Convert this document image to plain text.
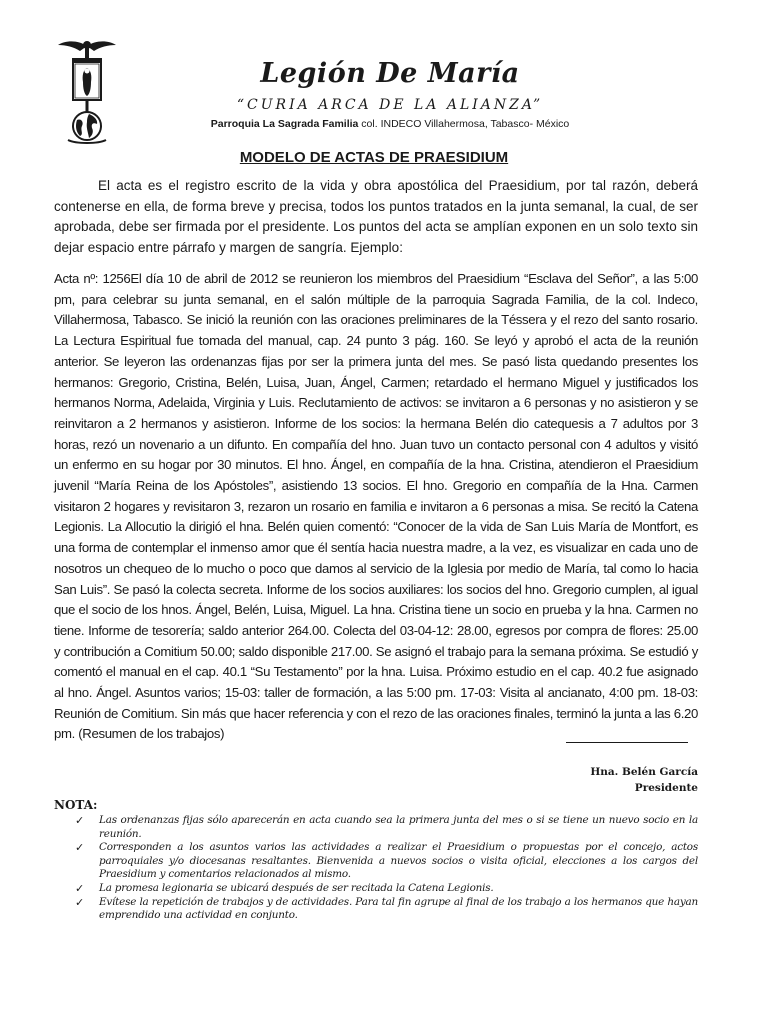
Legión De María
“CURIA ARCA DE LA ALIANZA”
Parroquia La Sagrada Familia col. INDECO Villahermosa, Tabasco- México
MODELO DE ACTAS DE PRAESIDIUM

El acta es el registro escrito de la vida y obra apostólica del Praesidium, por tal razón, deberá contenerse en ella, de forma breve y precisa, todos los puntos tratados en la junta semanal, la cual, de ser aprobada, debe ser firmada por el presidente. Los puntos del acta se amplían exponen en un solo texto sin dejar espacio entre párrafo y margen de sangría. Ejemplo:

Acta nº: 1256El día 10 de abril de 2012 se reunieron los miembros del Praesidium “Esclava del Señor”, a las 5:00 pm, para celebrar su junta semanal, en el salón múltiple de la parroquia Sagrada Familia, de la col. Indeco, Villahermosa, Tabasco. Se inició la reunión con las oraciones preliminares de la Téssera y el rezo del santo rosario. La Lectura Espiritual fue tomada del manual, cap. 24 punto 3 pág. 160. Se leyó y aprobó el acta de la reunión anterior. Se leyeron las ordenanzas fijas por ser la primera junta del mes. Se pasó lista quedando presentes los hermanos: Gregorio, Cristina, Belén, Luisa, Juan, Ángel, Carmen; retardado el hermano Miguel y justificados los hermanos Norma, Adelaida, Virginia y Luis. Reclutamiento de activos: se invitaron a 6 personas y no asistieron y se reinvitaron a 2 hermanos y asistieron. Informe de los socios: la hermana Belén dio catequesis a 7 adultos por 3 horas, rezó un novenario a un difunto. En compañía del hno. Juan tuvo un contacto personal con 4 adultos y visitó un enfermo en su hogar por 30 minutos. El hno. Ángel, en compañía de la hna. Cristina, atendieron el Praesidium juvenil “María Reina de los Apóstoles”, asistiendo 13 socios. El hno. Gregorio en compañía de la Hna. Carmen visitaron 2 hogares y revisitaron 3, rezaron un rosario en familia e invitaron a 6 personas a misa. Se recitó la Catena Legionis. La Allocutio la dirigió el hna. Belén quien comentó: “Conocer de la vida de San Luis María de Montfort, es una forma de contemplar el inmenso amor que él sentía hacia nuestra madre, a la vez, es visualizar en cada uno de nosotros un chequeo de lo mucho o poco que damos al servicio de la Iglesia por medio de María, tal como lo hacia San Luis”. Se pasó la colecta secreta. Informe de los socios auxiliares: los socios del hno. Gregorio cumplen, al igual que el socio de los hnos. Ángel, Belén, Luisa, Miguel. La hna. Cristina tiene un socio en prueba y la hna. Carmen no tiene. Informe de tesorería; saldo anterior 264.00. Colecta del 03-04-12: 28.00, egresos por compra de flores: 25.00 y contribución a Comitium 50.00; saldo disponible 217.00. Se asignó el trabajo para la semana próxima. Se estudió y comentó el manual en el cap. 40.1 “Su Testamento” por la hna. Luisa. Próximo estudio en el cap. 40.2 fue asignado al hno. Ángel. Asuntos varios; 15-03: taller de formación, a las 5:00 pm. 17-03: Visita al ancianato, 4:00 pm. 18-03: Reunión de Comitium. Sin más que hacer referencia y con el rezo de las oraciones finales, terminó la junta a las 6.20 pm. (Resumen de los trabajos)

Hna. Belén García
Presidente
NOTA:
✓ Las ordenanzas fijas sólo aparecerán en acta cuando sea la primera junta del mes o si se tiene un nuevo socio en la reunión.
✓ Corresponden a los asuntos varios las actividades a realizar el Praesidium o propuestas por el concejo, actos parroquiales y/o diocesanas resaltantes. Bienvenida a nuevos socios o visita oficial, elecciones a los cargos del Praesidium y comentarios relacionados al mismo.
✓ La promesa legionaria se ubicará después de ser recitada la Catena Legionis.
✓ Evítese la repetición de trabajos y de actividades. Para tal fin agrupe al final de los trabajo a los hermanos que hayan emprendido una actividad en conjunto.
